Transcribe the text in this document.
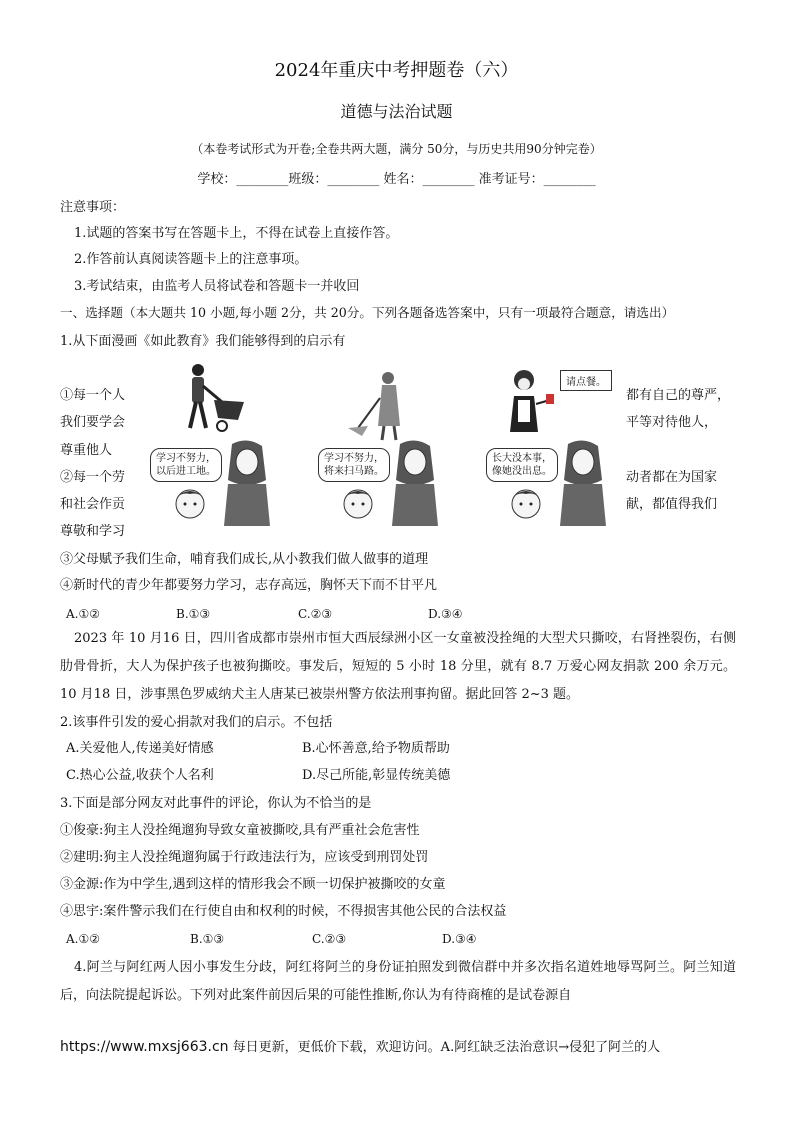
2024年重庆中考押题卷（六）
道德与法治试题
（本卷考试形式为开卷;全卷共两大题，满分 50分，与历史共用90分钟完卷）
学校：________班级：________ 姓名：________ 准考证号：________
注意事项：
1.试题的答案书写在答题卡上，不得在试卷上直接作答。
2.作答前认真阅读答题卡上的注意事项。
3.考试结束，由监考人员将试卷和答题卡一并收回
一、选择题（本大题共 10 小题,每小题 2分，共 20分。下列各题备选答案中，只有一项最符合题意，请选出）
1.从下面漫画《如此教育》我们能够得到的启示有
①每一个人
我们要学会
尊重他人
②每一个劳
和社会作贡
尊敬和学习
都有自己的尊严，
平等对待他人，
动者都在为国家
献，都值得我们
请点餐。
学习不努力，
以后进工地。
学习不努力，
将来扫马路。
长大没本事，
像她没出息。
③父母赋予我们生命，哺育我们成长,从小教我们做人做事的道理
④新时代的青少年都要努力学习，志存高远，胸怀天下而不甘平凡
A.①②	B.①③	C.②③	D.③④
2023 年 10 月16 日，四川省成都市崇州市恒大西辰绿洲小区一女童被没拴绳的大型犬只撕咬，右肾挫裂伤，右侧肋骨骨折，大人为保护孩子也被狗撕咬。事发后，短短的 5 小时 18 分里，就有 8.7 万爱心网友捐款 200 余万元。10 月18 日，涉事黑色罗威纳犬主人唐某已被崇州警方依法刑事拘留。据此回答 2~3 题。
2.该事件引发的爱心捐款对我们的启示。不包括
A.关爱他人,传递美好情感	B.心怀善意,给予物质帮助
C.热心公益,收获个人名利	D.尽己所能,彰显传统美德
3.下面是部分网友对此事件的评论，你认为不恰当的是
①俊豪:狗主人没拴绳遛狗导致女童被撕咬,具有严重社会危害性
②建明:狗主人没拴绳遛狗属于行政违法行为，应该受到刑罚处罚
③金源:作为中学生,遇到这样的情形我会不顾一切保护被撕咬的女童
④思宇:案件警示我们在行使自由和权利的时候，不得损害其他公民的合法权益
A.①②	B.①③	C.②③	D.③④
4.阿兰与阿红两人因小事发生分歧，阿红将阿兰的身份证拍照发到微信群中并多次指名道姓地辱骂阿兰。阿兰知道后，向法院提起诉讼。下列对此案件前因后果的可能性推断,你认为有待商榷的是试卷源自
https://www.mxsj663.cn 每日更新，更低价下载，欢迎访问。A.阿红缺乏法治意识→侵犯了阿兰的人
